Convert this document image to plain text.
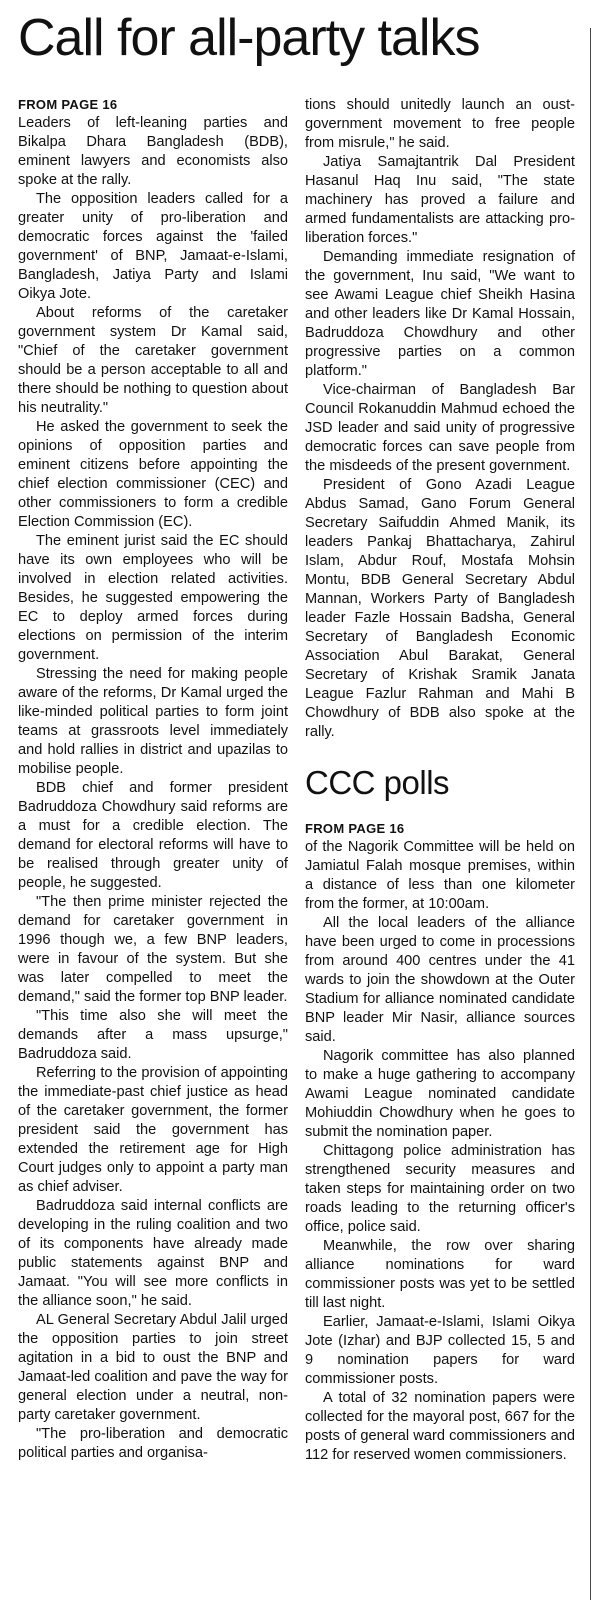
Call for all-party talks
FROM PAGE 16

Leaders of left-leaning parties and Bikalpa Dhara Bangladesh (BDB), eminent lawyers and economists also spoke at the rally.

The opposition leaders called for a greater unity of pro-liberation and democratic forces against the 'failed government' of BNP, Jamaat-e-Islami, Bangladesh, Jatiya Party and Islami Oikya Jote.

About reforms of the caretaker government system Dr Kamal said, "Chief of the caretaker government should be a person acceptable to all and there should be nothing to question about his neutrality."

He asked the government to seek the opinions of opposition parties and eminent citizens before appointing the chief election commissioner (CEC) and other commissioners to form a credible Election Commission (EC).

The eminent jurist said the EC should have its own employees who will be involved in election related activities. Besides, he suggested empowering the EC to deploy armed forces during elections on permission of the interim government.

Stressing the need for making people aware of the reforms, Dr Kamal urged the like-minded political parties to form joint teams at grassroots level immediately and hold rallies in district and upazilas to mobilise people.

BDB chief and former president Badruddoza Chowdhury said reforms are a must for a credible election. The demand for electoral reforms will have to be realised through greater unity of people, he suggested.

"The then prime minister rejected the demand for caretaker government in 1996 though we, a few BNP leaders, were in favour of the system. But she was later compelled to meet the demand," said the former top BNP leader.

"This time also she will meet the demands after a mass upsurge," Badruddoza said.

Referring to the provision of appointing the immediate-past chief justice as head of the caretaker government, the former president said the government has extended the retirement age for High Court judges only to appoint a party man as chief adviser.

Badruddoza said internal conflicts are developing in the ruling coalition and two of its components have already made public statements against BNP and Jamaat. "You will see more conflicts in the alliance soon," he said.

AL General Secretary Abdul Jalil urged the opposition parties to join street agitation in a bid to oust the BNP and Jamaat-led coalition and pave the way for general election under a neutral, non-party caretaker government.

"The pro-liberation and democratic political parties and organisa-

tions should unitedly launch an oust-government movement to free people from misrule," he said.

Jatiya Samajtantrik Dal President Hasanul Haq Inu said, "The state machinery has proved a failure and armed fundamentalists are attacking pro-liberation forces."

Demanding immediate resignation of the government, Inu said, "We want to see Awami League chief Sheikh Hasina and other leaders like Dr Kamal Hossain, Badruddoza Chowdhury and other progressive parties on a common platform."

Vice-chairman of Bangladesh Bar Council Rokanuddin Mahmud echoed the JSD leader and said unity of progressive democratic forces can save people from the misdeeds of the present government.

President of Gono Azadi League Abdus Samad, Gano Forum General Secretary Saifuddin Ahmed Manik, its leaders Pankaj Bhattacharya, Zahirul Islam, Abdur Rouf, Mostafa Mohsin Montu, BDB General Secretary Abdul Mannan, Workers Party of Bangladesh leader Fazle Hossain Badsha, General Secretary of Bangladesh Economic Association Abul Barakat, General Secretary of Krishak Sramik Janata League Fazlur Rahman and Mahi B Chowdhury of BDB also spoke at the rally.

CCC polls
FROM PAGE 16

of the Nagorik Committee will be held on Jamiatul Falah mosque premises, within a distance of less than one kilometer from the former, at 10:00am.

All the local leaders of the alliance have been urged to come in processions from around 400 centres under the 41 wards to join the showdown at the Outer Stadium for alliance nominated candidate BNP leader Mir Nasir, alliance sources said.

Nagorik committee has also planned to make a huge gathering to accompany Awami League nominated candidate Mohiuddin Chowdhury when he goes to submit the nomination paper.

Chittagong police administration has strengthened security measures and taken steps for maintaining order on two roads leading to the returning officer's office, police said.

Meanwhile, the row over sharing alliance nominations for ward commissioner posts was yet to be settled till last night.

Earlier, Jamaat-e-Islami, Islami Oikya Jote (Izhar) and BJP collected 15, 5 and 9 nomination papers for ward commissioner posts.

A total of 32 nomination papers were collected for the mayoral post, 667 for the posts of general ward commissioners and 112 for reserved women commissioners.
